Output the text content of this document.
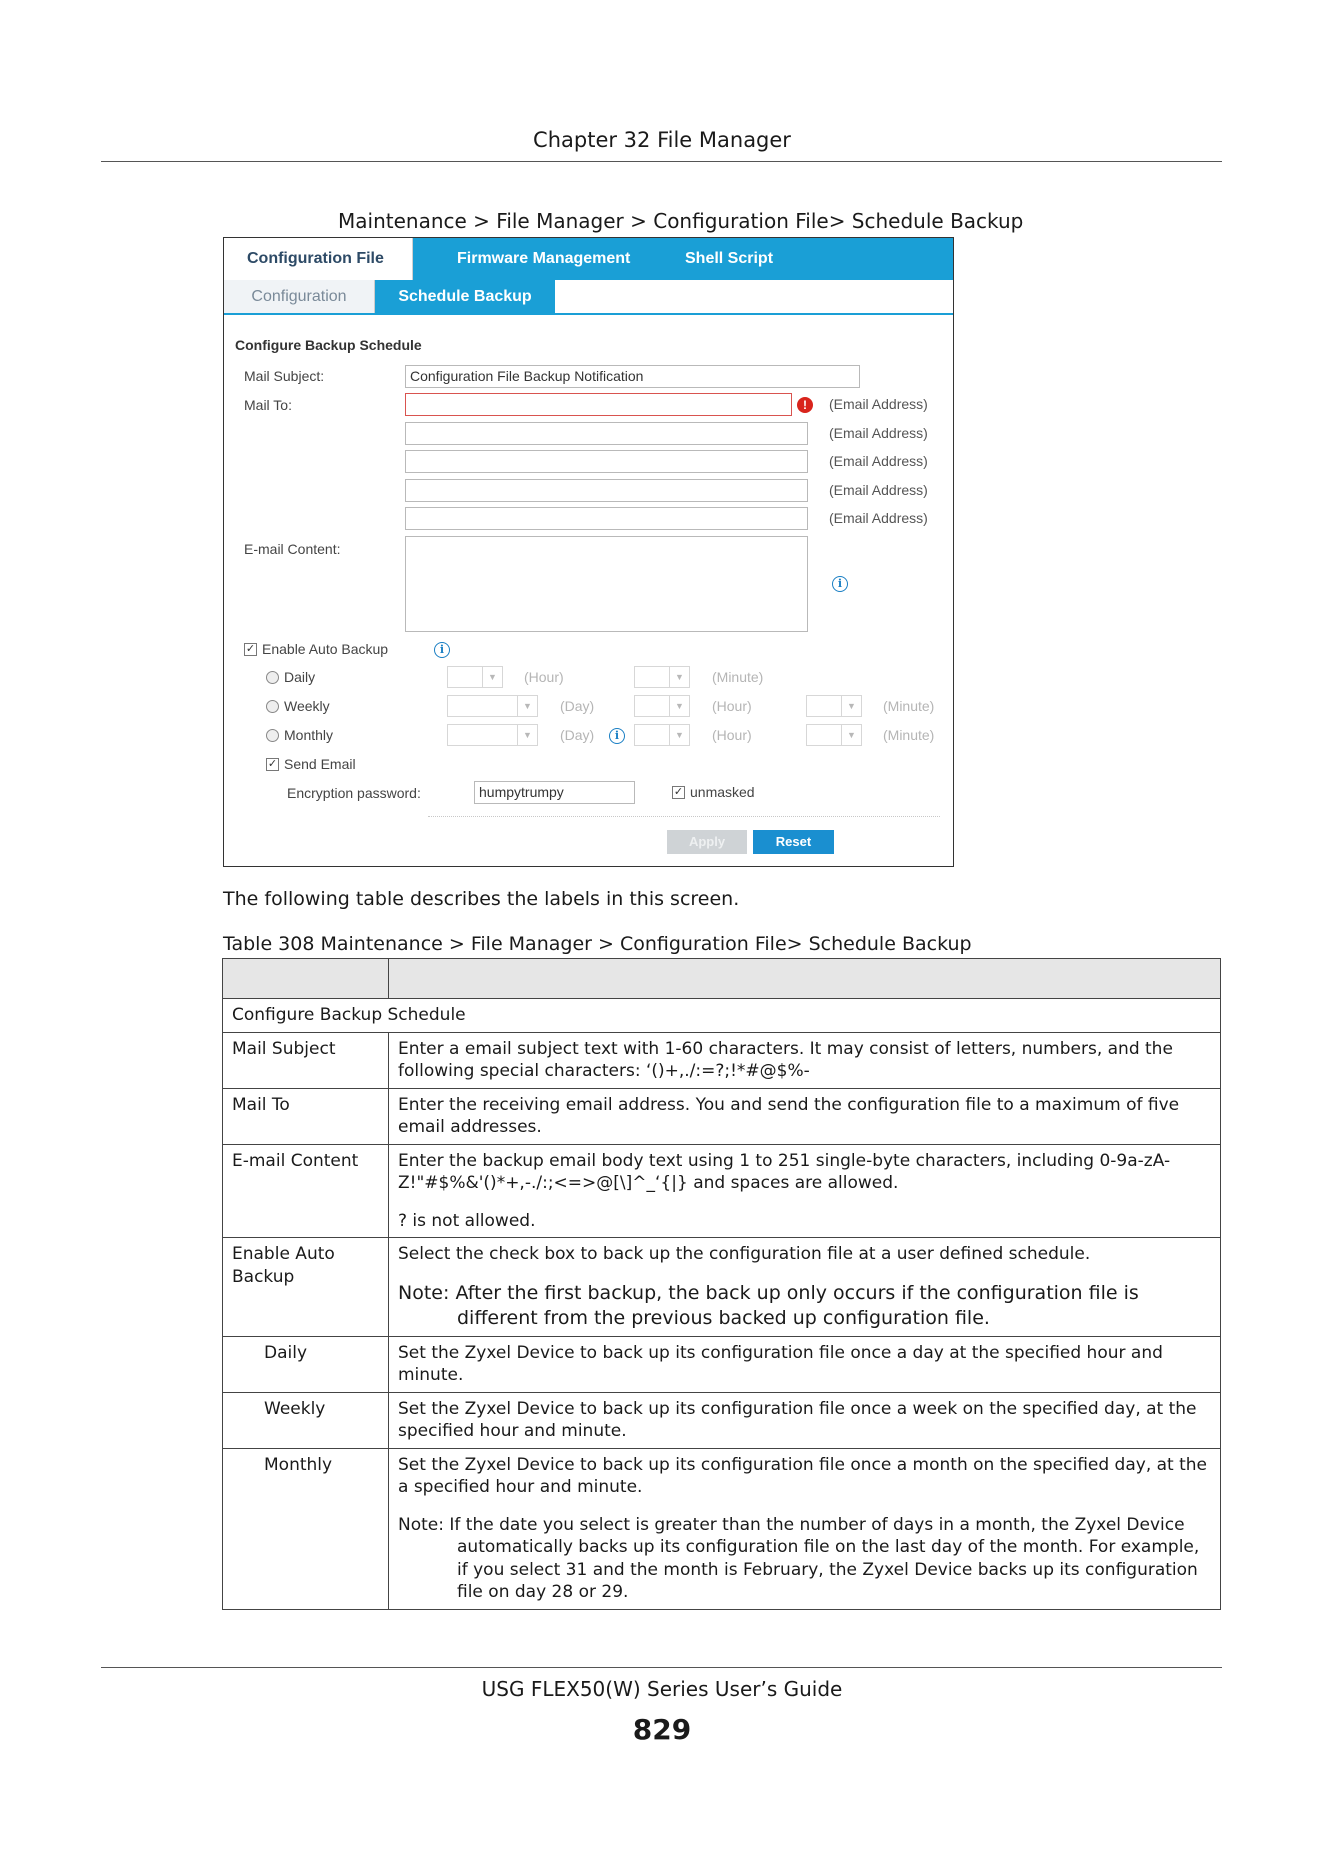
Chapter 32 File Manager
Maintenance > File Manager > Configuration File> Schedule Backup
Configuration File	Firmware Management	Shell Script
Configuration	Schedule Backup
Configure Backup Schedule
Mail Subject:	Configuration File Backup Notification
Mail To:	!	(Email Address)
(Email Address)
(Email Address)
(Email Address)
(Email Address)
E-mail Content:
i
✓ Enable Auto Backup	i
Daily	▼	(Hour)	▼	(Minute)
Weekly	▼	(Day)	▼	(Hour)	▼	(Minute)
Monthly	▼	(Day)	i	▼	(Hour)	▼	(Minute)
✓ Send Email
Encryption password:	humpytrumpy	✓ unmasked
Apply	Reset
The following table describes the labels in this screen.
Table 308 Maintenance > File Manager > Configuration File> Schedule Backup

Configure Backup Schedule	
Mail Subject	Enter a email subject text with 1-60 characters. It may consist of letters, numbers, and the following special characters: ‘()+,./:=?;!*#@$%-
Mail To	Enter the receiving email address. You and send the configuration file to a maximum of five email addresses.
E-mail Content	Enter the backup email body text using 1 to 251 single-byte characters, including 0-9a-zA-Z!"#$%&'()*+,-./:;<=>@[\]^_‘{|} and spaces are allowed.

? is not allowed.

Enable Auto Backup	Select the check box to back up the configuration file at a user defined schedule.

Note: After the first backup, the back up only occurs if the configuration file is
different from the previous backed up configuration file.

Daily	Set the Zyxel Device to back up its configuration file once a day at the specified hour and minute.
Weekly	Set the Zyxel Device to back up its configuration file once a week on the specified day, at the specified hour and minute.
Monthly	Set the Zyxel Device to back up its configuration file once a month on the specified day, at the a specified hour and minute.

Note: If the date you select is greater than the number of days in a month, the Zyxel Device
automatically backs up its configuration file on the last day of the month. For example, if you select 31 and the month is February, the Zyxel Device backs up its configuration file on day 28 or 29.

USG FLEX50(W) Series User’s Guide
829
